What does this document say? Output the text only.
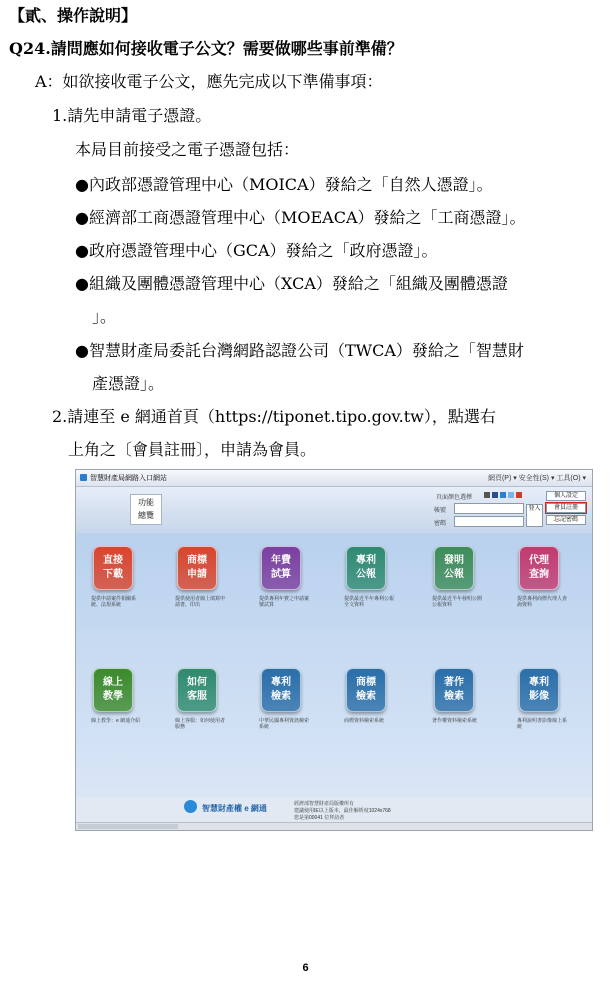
【貳、操作說明】
Q24.請問應如何接收電子公文？需要做哪些事前準備？
A：如欲接收電子公文，應先完成以下準備事項：
1.請先申請電子憑證。
本局目前接受之電子憑證包括：
●內政部憑證管理中心（MOICA）發給之「自然人憑證」。
●經濟部工商憑證管理中心（MOEACA）發給之「工商憑證」。
●政府憑證管理中心（GCA）發給之「政府憑證」。
●組織及團體憑證管理中心（XCA）發給之「組織及團體憑證
」。
●智慧財產局委託台灣網路認證公司（TWCA）發給之「智慧財
產憑證」。
2.請連至 e 網通首頁（https://tiponet.tipo.gov.tw），點選右
上角之〔會員註冊〕，申請為會員。
智慧財產局網路入口網站	網頁(P) ▾ 安全性(S) ▾ 工具(O) ▾
功能
總覽
頁面顏色選擇
帳號
密碼
登入
個人設定
會員註冊
忘記密碼
直接下載
提供申請案件相關系統、法規系統
商標申請
提供使用者線上填寫申請書，印出
年費試算
提供專利年費之申請案號試算
專利公報
提供最近半年專利公報全文資料
發明公報
提供最近半年發明公開公報資料
代理查詢
提供專利商標代理人查詢資料
線上教學
線上教學：e 網通介紹
如何客服
線上客服：如何使用者服務
專利檢索
中華民國專利資訊檢索系統
商標檢索
商標資料檢索系統
著作檢索
著作權資料檢索系統
專利影像
專利說明書影像線上系統
智慧財產權 e 網通	經濟部智慧財產局版權所有
建議使用IE以上版本，最佳解析度1024x768
您是第00041 位拜訪者
6
